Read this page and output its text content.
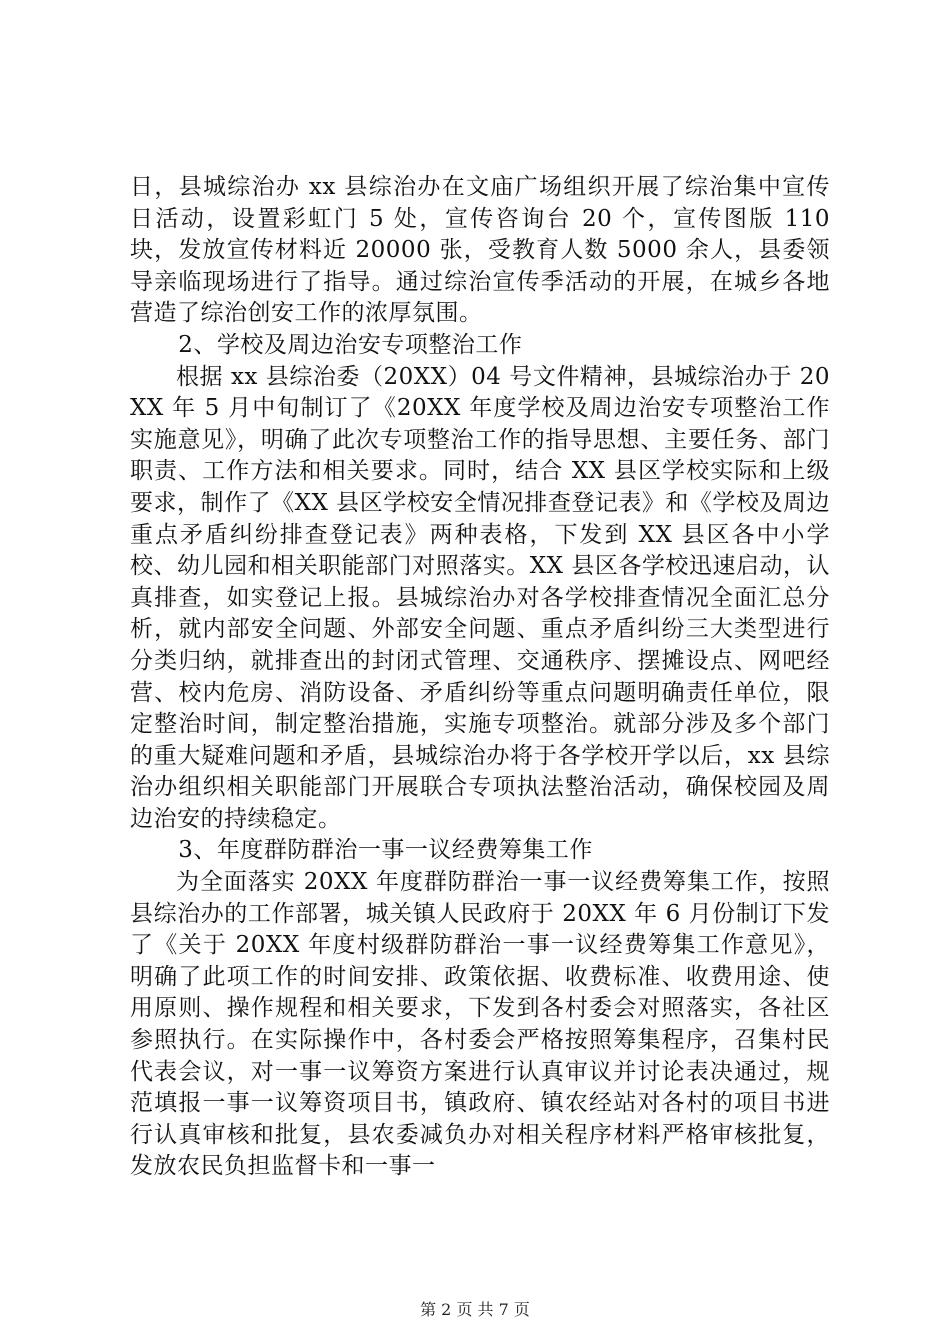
日，县城综治办 xx 县综治办在文庙广场组织开展了综治集中宣传日活动，设置彩虹门 5 处，宣传咨询台 20 个，宣传图版 110 块，发放宣传材料近 20000 张，受教育人数 5000 余人，县委领导亲临现场进行了指导。通过综治宣传季活动的开展，在城乡各地营造了综治创安工作的浓厚氛围。

2、学校及周边治安专项整治工作

根据 xx 县综治委（20XX）04 号文件精神，县城综治办于 20XX 年 5 月中旬制订了《20XX 年度学校及周边治安专项整治工作实施意见》，明确了此次专项整治工作的指导思想、主要任务、部门职责、工作方法和相关要求。同时，结合 XX 县区学校实际和上级要求，制作了《XX 县区学校安全情况排查登记表》和《学校及周边重点矛盾纠纷排查登记表》两种表格，下发到 XX 县区各中小学校、幼儿园和相关职能部门对照落实。XX 县区各学校迅速启动，认真排查，如实登记上报。县城综治办对各学校排查情况全面汇总分析，就内部安全问题、外部安全问题、重点矛盾纠纷三大类型进行分类归纳，就排查出的封闭式管理、交通秩序、摆摊设点、网吧经营、校内危房、消防设备、矛盾纠纷等重点问题明确责任单位，限定整治时间，制定整治措施，实施专项整治。就部分涉及多个部门的重大疑难问题和矛盾，县城综治办将于各学校开学以后，xx 县综治办组织相关职能部门开展联合专项执法整治活动，确保校园及周边治安的持续稳定。

3、年度群防群治一事一议经费筹集工作

为全面落实 20XX 年度群防群治一事一议经费筹集工作，按照县综治办的工作部署，城关镇人民政府于 20XX 年 6 月份制订下发了《关于 20XX 年度村级群防群治一事一议经费筹集工作意见》，明确了此项工作的时间安排、政策依据、收费标准、收费用途、使用原则、操作规程和相关要求，下发到各村委会对照落实，各社区参照执行。在实际操作中，各村委会严格按照筹集程序，召集村民代表会议，对一事一议筹资方案进行认真审议并讨论表决通过，规范填报一事一议筹资项目书，镇政府、镇农经站对各村的项目书进行认真审核和批复，县农委减负办对相关程序材料严格审核批复，发放农民负担监督卡和一事一

第 2 页 共 7 页
